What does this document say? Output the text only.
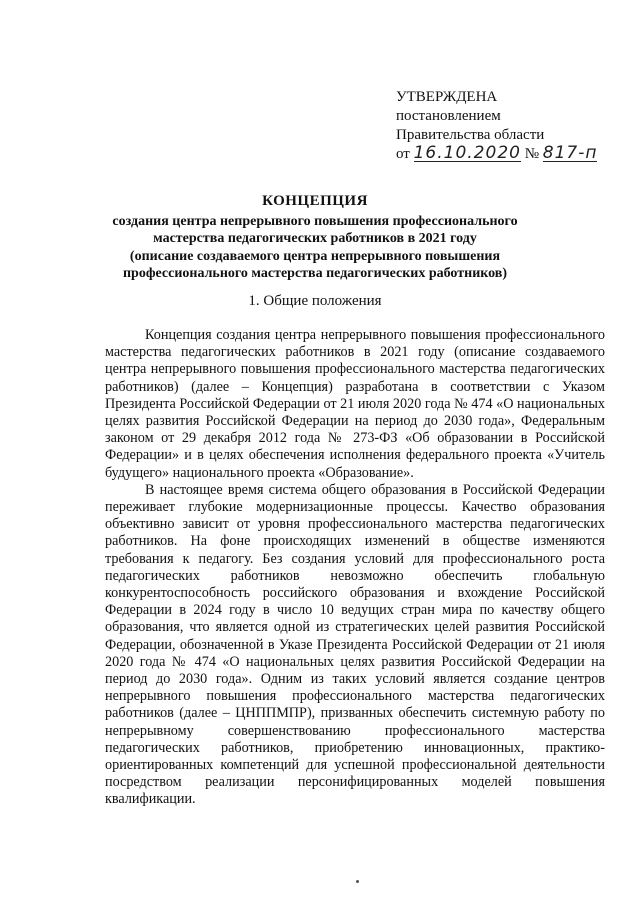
УТВЕРЖДЕНА
постановлением
Правительства области
от 16.10.2020 № 817-п
КОНЦЕПЦИЯ
создания центра непрерывного повышения профессионального
мастерства педагогических работников в 2021 году
(описание создаваемого центра непрерывного повышения
профессионального мастерства педагогических работников)
1. Общие положения

Концепция создания центра непрерывного повышения профессионального мастерства педагогических работников в 2021 году (описание создаваемого центра непрерывного повышения профессионального мастерства педагогических работников) (далее – Концепция) разработана в соответствии с Указом Президента Российской Федерации от 21 июля 2020 года № 474 «О национальных целях развития Российской Федерации на период до 2030 года», Федеральным законом от 29 декабря 2012 года № 273-ФЗ «Об образовании в Российской Федерации» и в целях обеспечения исполнения федерального проекта «Учитель будущего» национального проекта «Образование».

В настоящее время система общего образования в Российской Федерации переживает глубокие модернизационные процессы. Качество образования объективно зависит от уровня профессионального мастерства педагогических работников. На фоне происходящих изменений в обществе изменяются требования к педагогу. Без создания условий для профессионального роста педагогических работников невозможно обеспечить глобальную конкурентоспособность российского образования и вхождение Российской Федерации в 2024 году в число 10 ведущих стран мира по качеству общего образования, что является одной из стратегических целей развития Российской Федерации, обозначенной в Указе Президента Российской Федерации от 21 июля 2020 года № 474 «О национальных целях развития Российской Федерации на период до 2030 года». Одним из таких условий является создание центров непрерывного повышения профессионального мастерства педагогических работников (далее – ЦНППМПР), призванных обеспечить системную работу по непрерывному совершенствованию профессионального мастерства педагогических работников, приобретению инновационных, практико-ориентированных компетенций для успешной профессиональной деятельности посредством реализации персонифицированных моделей повышения квалификации.
